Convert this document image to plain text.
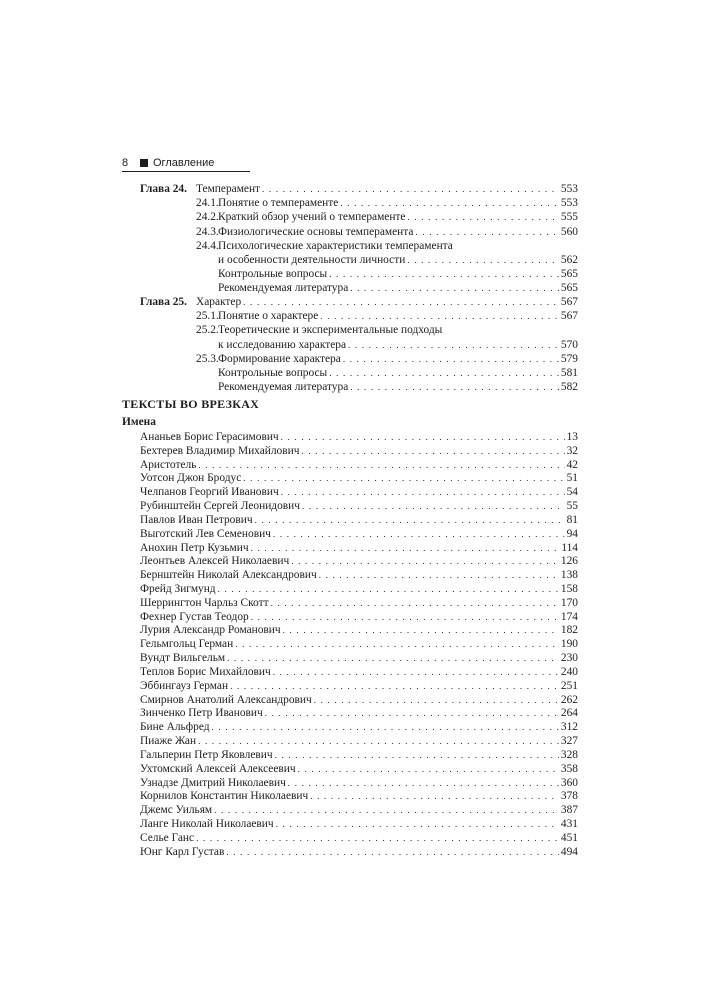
8 Оглавление
Глава 24. Темперамент . . .	553
24.1. Понятие о темпераменте . . .	553
24.2. Краткий обзор учений о темпераменте . . .	555
24.3. Физиологические основы темперамента . . .	560
24.4. Психологические характеристики темперамента
и особенности деятельности личности . . .	562
Контрольные вопросы . . .	565
Рекомендуемая литература . . .	565
Глава 25. Характер . . .	567
25.1. Понятие о характере . . .	567
25.2. Теоретические и экспериментальные подходы
к исследованию характера . . .	570
25.3. Формирование характера . . .	579
Контрольные вопросы . . .	581
Рекомендуемая литература . . .	582
ТЕКСТЫ ВО ВРЕЗКАХ
Имена
Ананьев Борис Герасимович . . .	13
Бехтерев Владимир Михайлович . . .	32
Аристотель . . .	42
Уотсон Джон Бродус . . .	51
Челпанов Георгий Иванович . . .	54
Рубинштейн Сергей Леонидович . . .	55
Павлов Иван Петрович . . .	81
Выготский Лев Семенович . . .	94
Анохин Петр Кузьмич . . .	114
Леонтьев Алексей Николаевич . . .	126
Бернштейн Николай Александрович . . .	138
Фрейд Зигмунд . . .	158
Шеррингтон Чарльз Скотт . . .	170
Фехнер Густав Теодор . . .	174
Лурия Александр Романович . . .	182
Гельмгольц Герман . . .	190
Вундт Вильгельм . . .	230
Теплов Борис Михайлович . . .	240
Эббингауз Герман . . .	251
Смирнов Анатолий Александрович . . .	262
Зинченко Петр Иванович . . .	264
Бине Альфред . . .	312
Пиаже Жан . . .	327
Гальперин Петр Яковлевич . . .	328
Ухтомский Алексей Алексеевич . . .	358
Узнадзе Дмитрий Николаевич . . .	360
Корнилов Константин Николаевич . . .	378
Джемс Уильям . . .	387
Ланге Николай Николаевич . . .	431
Селье Ганс . . .	451
Юнг Карл Густав . . .	494
